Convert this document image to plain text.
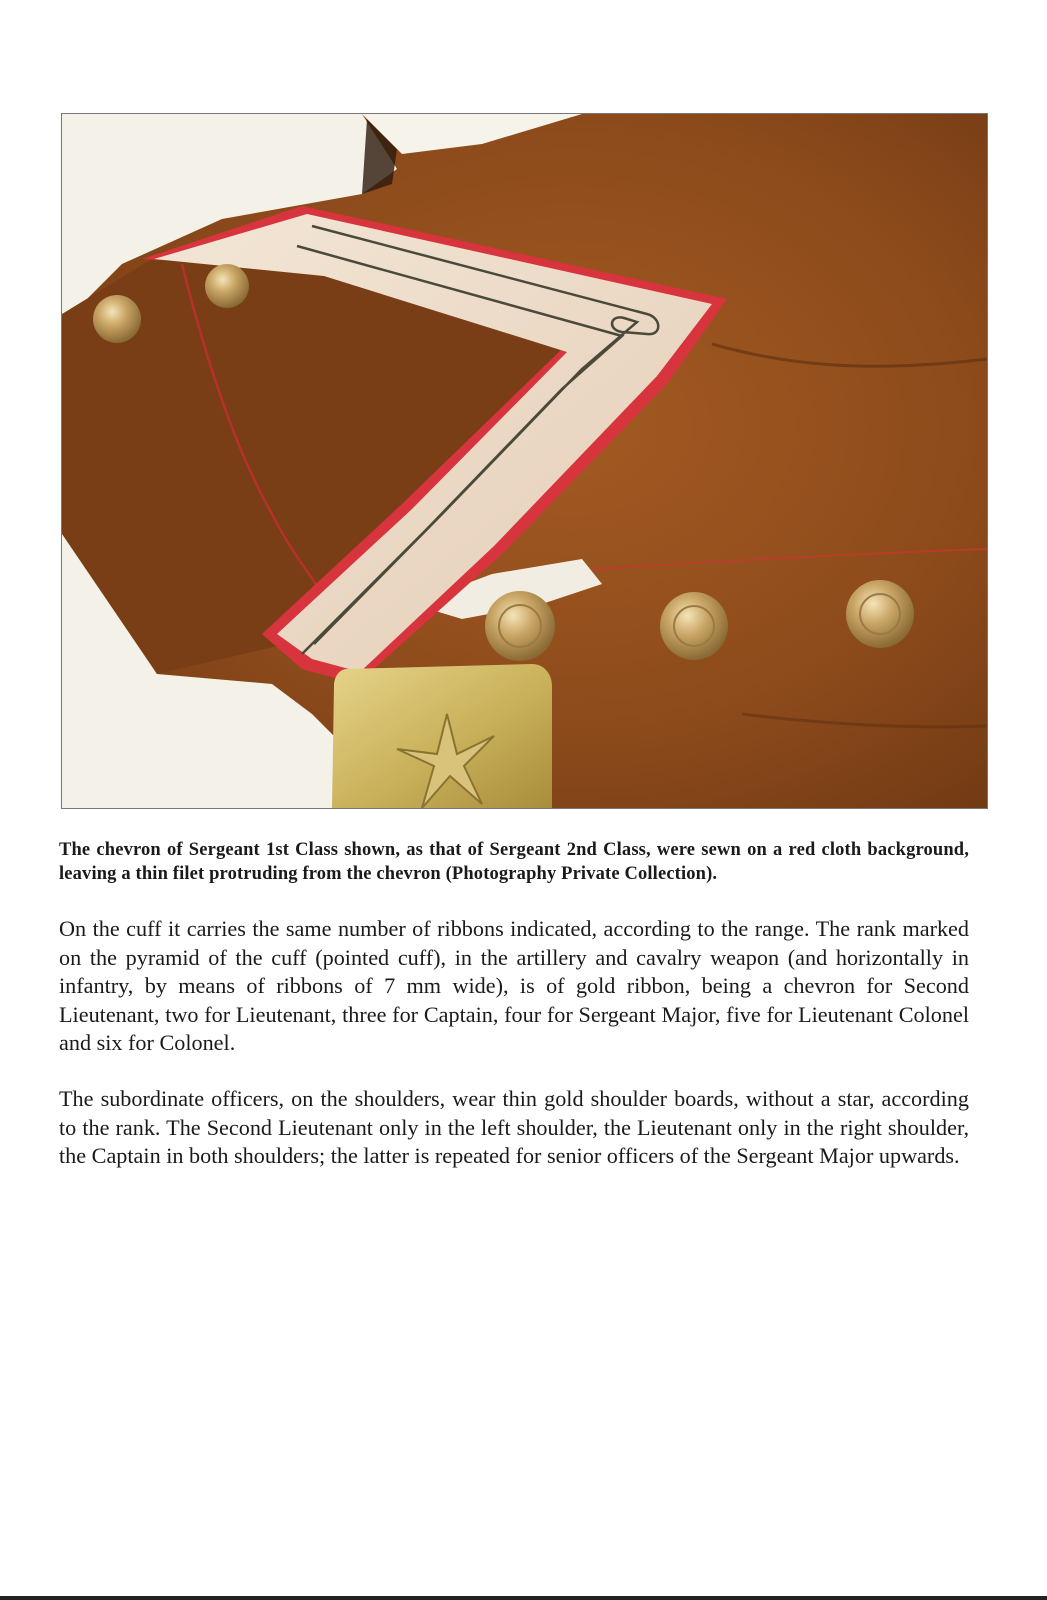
The chevron of Sergeant 1st Class shown, as that of Sergeant 2nd Class, were sewn on a red cloth background, leaving a thin filet protruding from the chevron (Photography Private Collection).

On the cuff it carries the same number of ribbons indicated, according to the range. The rank marked on the pyramid of the cuff (pointed cuff), in the artillery and cavalry weapon (and horizontally in infantry, by means of ribbons of 7 mm wide), is of gold ribbon, being a chevron for Second Lieutenant, two for Lieutenant, three for Captain, four for Sergeant Major, five for Lieutenant Colonel and six for Colonel.

The subordinate officers, on the shoulders, wear thin gold shoulder boards, without a star, according to the rank. The Second Lieutenant only in the left shoulder, the Lieutenant only in the right shoulder, the Captain in both shoulders; the latter is repeated for senior officers of the Sergeant Major upwards.
